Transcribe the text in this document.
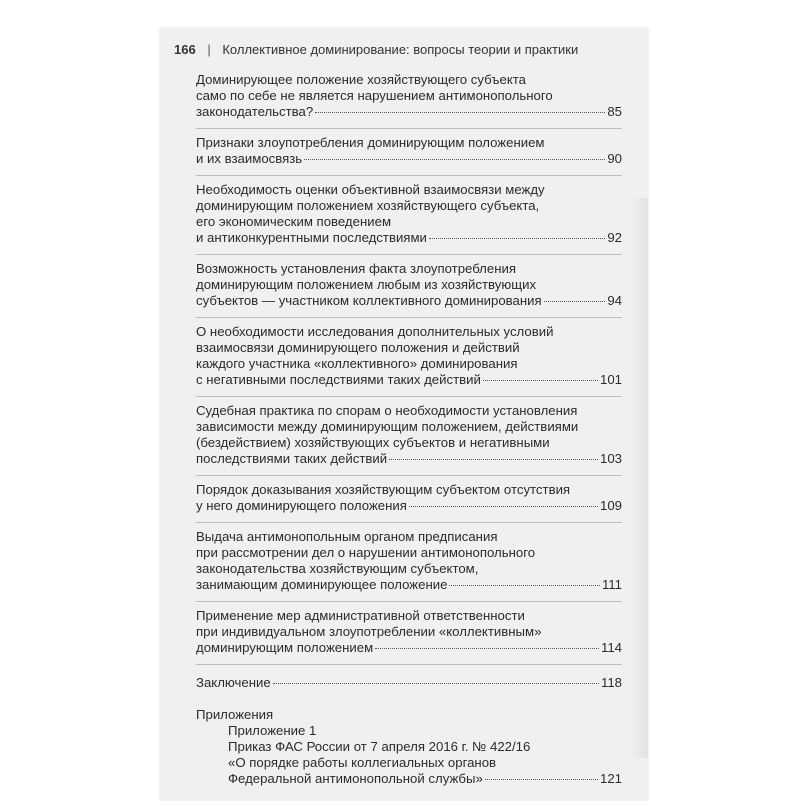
166 | Коллективное доминирование: вопросы теории и практики
Доминирующее положение хозяйствующего субъекта
само по себе не является нарушением антимонопольного
законодательства?	85
Признаки злоупотребления доминирующим положением
и их взаимосвязь	90
Необходимость оценки объективной взаимосвязи между
доминирующим положением хозяйствующего субъекта,
его экономическим поведением
и антиконкурентными последствиями	92
Возможность установления факта злоупотребления
доминирующим положением любым из хозяйствующих
субъектов — участником коллективного доминирования	94
О необходимости исследования дополнительных условий
взаимосвязи доминирующего положения и действий
каждого участника «коллективного» доминирования
с негативными последствиями таких действий	101
Судебная практика по спорам о необходимости установления
зависимости между доминирующим положением, действиями
(бездействием) хозяйствующих субъектов и негативными
последствиями таких действий	103
Порядок доказывания хозяйствующим субъектом отсутствия
у него доминирующего положения	109
Выдача антимонопольным органом предписания
при рассмотрении дел о нарушении антимонопольного
законодательства хозяйствующим субъектом,
занимающим доминирующее положение	111
Применение мер административной ответственности
при индивидуальном злоупотреблении «коллективным»
доминирующим положением	114
Заключение	118
Приложения
Приложение 1
Приказ ФАС России от 7 апреля 2016 г. № 422/16
«О порядке работы коллегиальных органов
Федеральной антимонопольной службы»	121
